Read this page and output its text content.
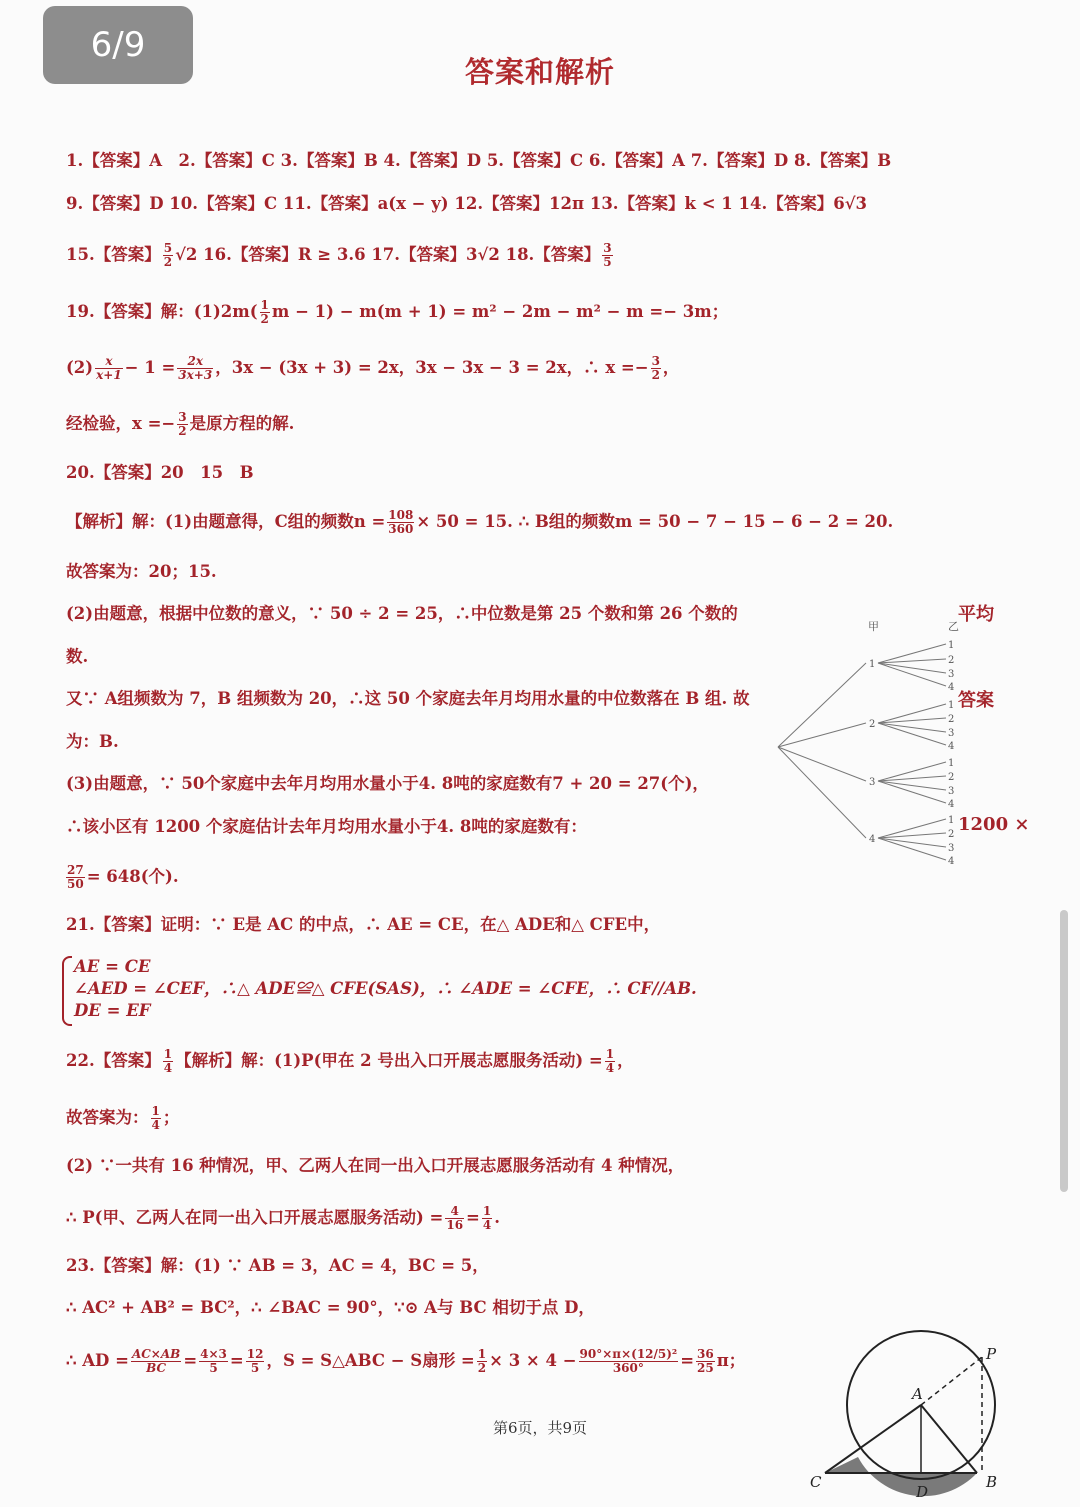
6/9
答案和解析
1.【答案】A　2.【答案】C 3.【答案】B 4.【答案】D 5.【答案】C 6.【答案】A 7.【答案】D 8.【答案】B
9.【答案】D 10.【答案】C 11.【答案】a(x − y) 12.【答案】12π 13.【答案】k < 1 14.【答案】6√3
15.【答案】 $\frac{5}{2} √2$ 16.【答案】R ≥ 3.6 17.【答案】3√2 18.【答案】 $\frac{3}{5}$
19.【答案】解：$(1)2m( \frac{1}{2}$ m − 1) − m(m + 1) = m² − 2m − m² − m =− 3m；
$(2) \frac{x}{x+1} - 1 = \frac{2x}{3x+3}$ ，3x − (3x + 3) = 2x，3x − 3x − 3 = 2x，∴ $x =- \frac{3}{2}$ ，
经检验，$x =- \frac{3}{2}$ 是原方程的解.
20.【答案】20　15　B
【解析】解：(1)由题意得，C组的频数$n = \frac{108}{360} \times 50 = 15$. ∴ B组的频数m = 50 − 7 − 15 − 6 − 2 = 20.
故答案为：20；15.
(2)由题意，根据中位数的意义，∵ 50 ÷ 2 = 25，∴中位数是第 25 个数和第 26 个数的
数.
又∵ A组频数为 7，B 组频数为 20，∴这 50 个家庭去年月均用水量的中位数落在 B 组. 故
为：B.
(3)由题意，∵ 50个家庭中去年月均用水量小于4. 8吨的家庭数有7 + 20 = 27(个)，
∴该小区有 1200 个家庭估计去年月均用水量小于4. 8吨的家庭数有：
$\frac{27}{50} = 648$(个).
21.【答案】证明：∵ E是 AC 的中点，∴ AE = CE，在△ ADE和△ CFE中，
AE = CE
∠AED = ∠CEF，∴△ ADE≌△ CFE(SAS)，∴ ∠ADE = ∠CFE，∴ CF//AB.
DE = EF
22.【答案】 $\frac{1}{4}$ 【解析】解：(1)P(甲在 2 号出入口开展志愿服务活动) = $\frac{1}{4}$ ，
故答案为： $\frac{1}{4}$ ；
(2) ∵一共有 16 种情况，甲、乙两人在同一出入口开展志愿服务活动有 4 种情况，
∴ P(甲、乙两人在同一出入口开展志愿服务活动) = $\frac{4}{16} = \frac{1}{4}$ .
23.【答案】解：(1) ∵ AB = 3，AC = 4，BC = 5，
∴ AC² + AB² = BC²，∴ ∠BAC = 90°，∵⊙ A与 BC 相切于点 D，
∴ AD = $\frac{AC\times AB}{BC} = \frac{4\times 3}{5} = \frac{12}{5}$ ，S = S△ABC − S扇形 = $\frac{1}{2} \times 3 \times 4 - \frac{\text{90°×π×(12/5)²}}{360^\circ} = \frac{36}{25}$ π；
平均
答案
1200 ×
甲	乙
1
2
3
4
1
2
3
4
1
2
3
4
1
2
3
4
1
2
3
4
A
P
B
C
D
第6页，共9页
